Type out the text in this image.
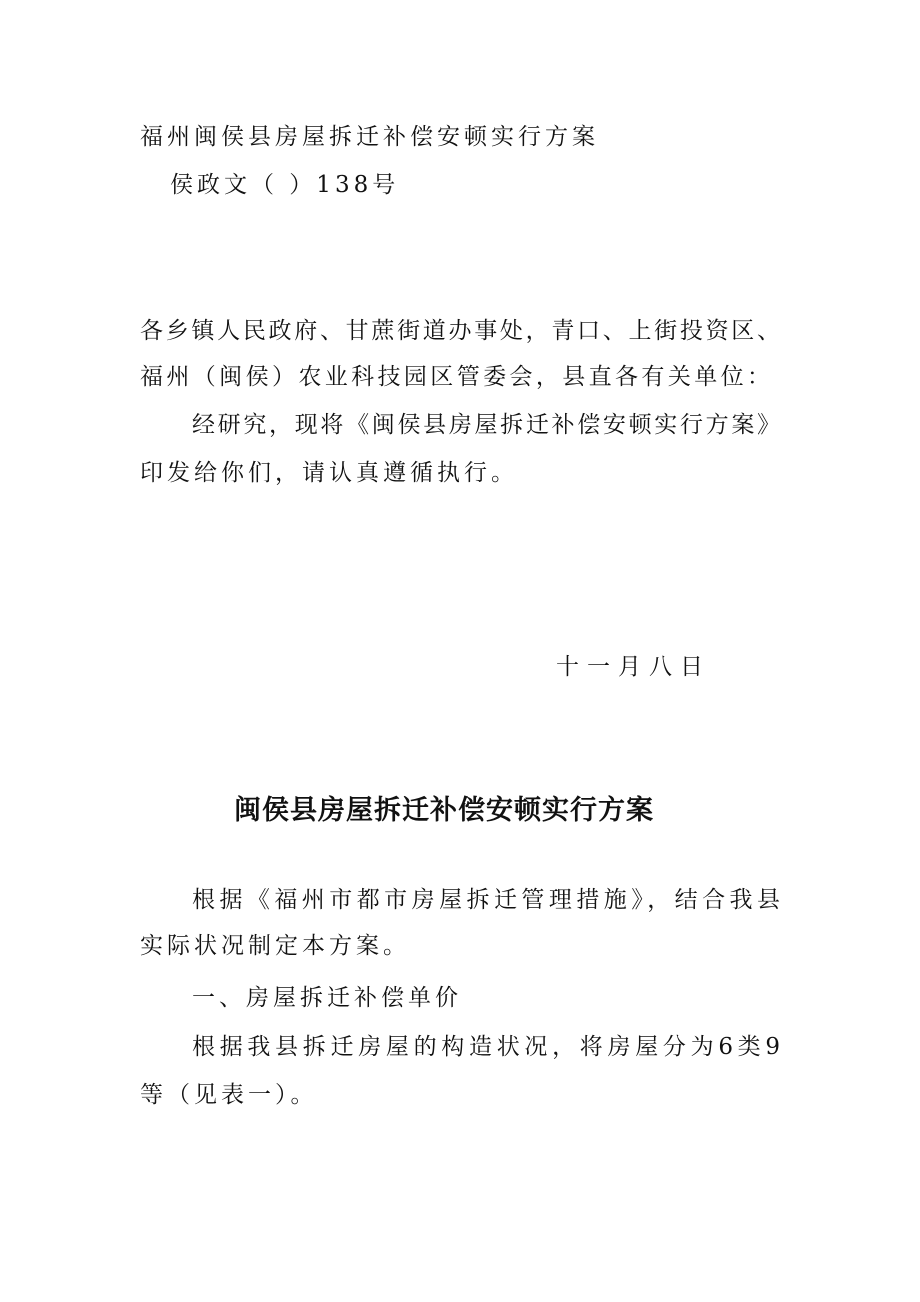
福州闽侯县房屋拆迁补偿安顿实行方案
侯政文（ ）138号
各乡镇人民政府、甘蔗街道办事处，青口、上街投资区、
福州（闽侯）农业科技园区管委会，县直各有关单位：
经研究，现将《闽侯县房屋拆迁补偿安顿实行方案》
印发给你们，请认真遵循执行。
十一月八日
闽侯县房屋拆迁补偿安顿实行方案
根据《福州市都市房屋拆迁管理措施》，结合我县
实际状况制定本方案。
一、房屋拆迁补偿单价
根据我县拆迁房屋的构造状况，将房屋分为6类9
等（见表一）。
